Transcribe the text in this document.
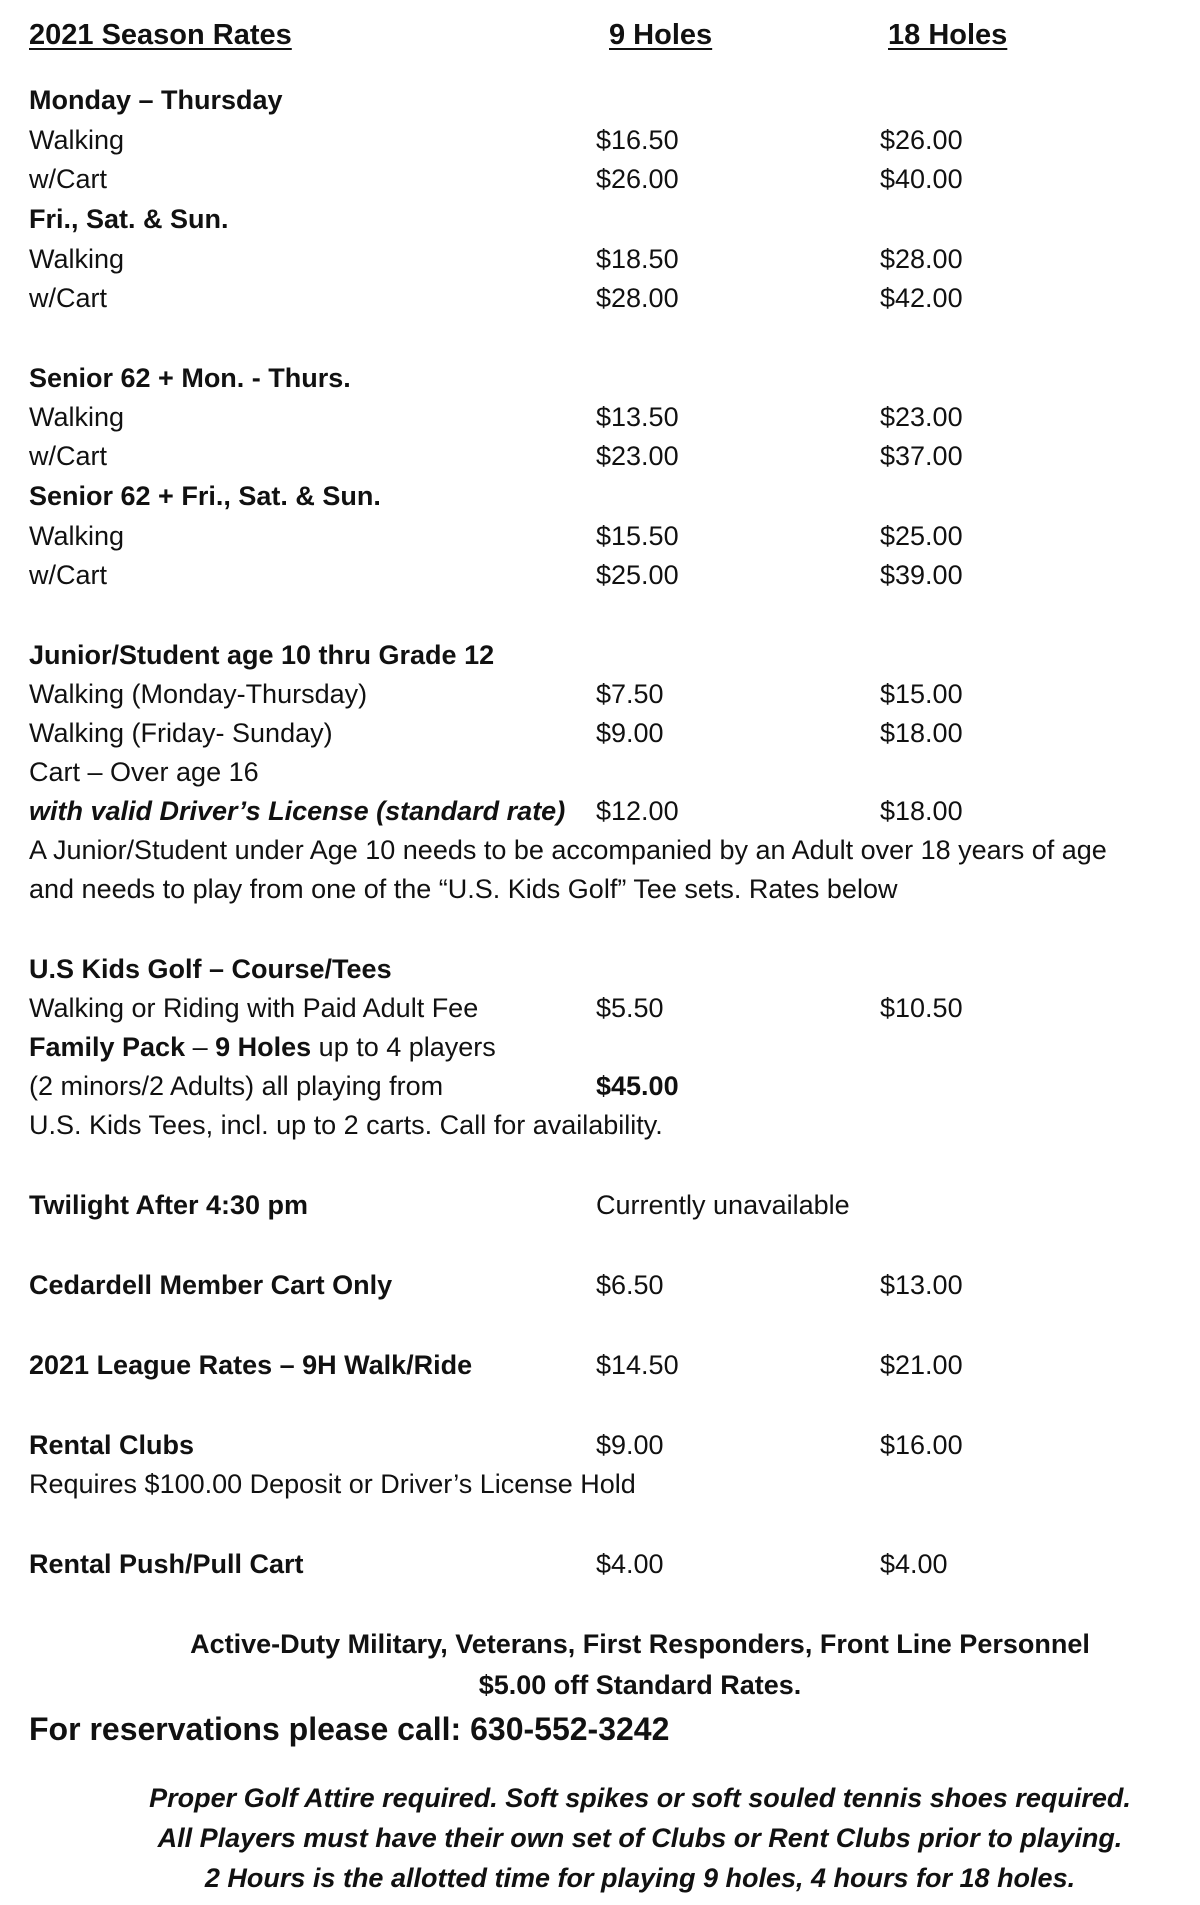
2021 Season Rates	9 Holes	18 Holes
Monday – Thursday
Walking	$16.50	$26.00
w/Cart	$26.00	$40.00
Fri., Sat. & Sun.
Walking	$18.50	$28.00
w/Cart	$28.00	$42.00
Senior 62 + Mon. - Thurs.
Walking	$13.50	$23.00
w/Cart	$23.00	$37.00
Senior 62 + Fri., Sat. & Sun.
Walking	$15.50	$25.00
w/Cart	$25.00	$39.00
Junior/Student age 10 thru Grade 12
Walking (Monday-Thursday)	$7.50	$15.00
Walking (Friday- Sunday)	$9.00	$18.00
Cart – Over age 16
with valid Driver’s License (standard rate) $12.00	$18.00
A Junior/Student under Age 10 needs to be accompanied by an Adult over 18 years of age
and needs to play from one of the “U.S. Kids Golf” Tee sets. Rates below
U.S Kids Golf – Course/Tees
Walking or Riding with Paid Adult Fee	$5.50	$10.50
Family Pack – 9 Holes up to 4 players
(2 minors/2 Adults) all playing from	$45.00
U.S. Kids Tees, incl. up to 2 carts. Call for availability.
Twilight After 4:30 pm	Currently unavailable
Cedardell Member Cart Only	$6.50	$13.00
2021 League Rates – 9H Walk/Ride	$14.50	$21.00
Rental Clubs	$9.00	$16.00
Requires $100.00 Deposit or Driver’s License Hold
Rental Push/Pull Cart	$4.00	$4.00
Active-Duty Military, Veterans, First Responders, Front Line Personnel
$5.00 off Standard Rates.
For reservations please call: 630-552-3242
Proper Golf Attire required. Soft spikes or soft souled tennis shoes required.
All Players must have their own set of Clubs or Rent Clubs prior to playing.
2 Hours is the allotted time for playing 9 holes, 4 hours for 18 holes.
